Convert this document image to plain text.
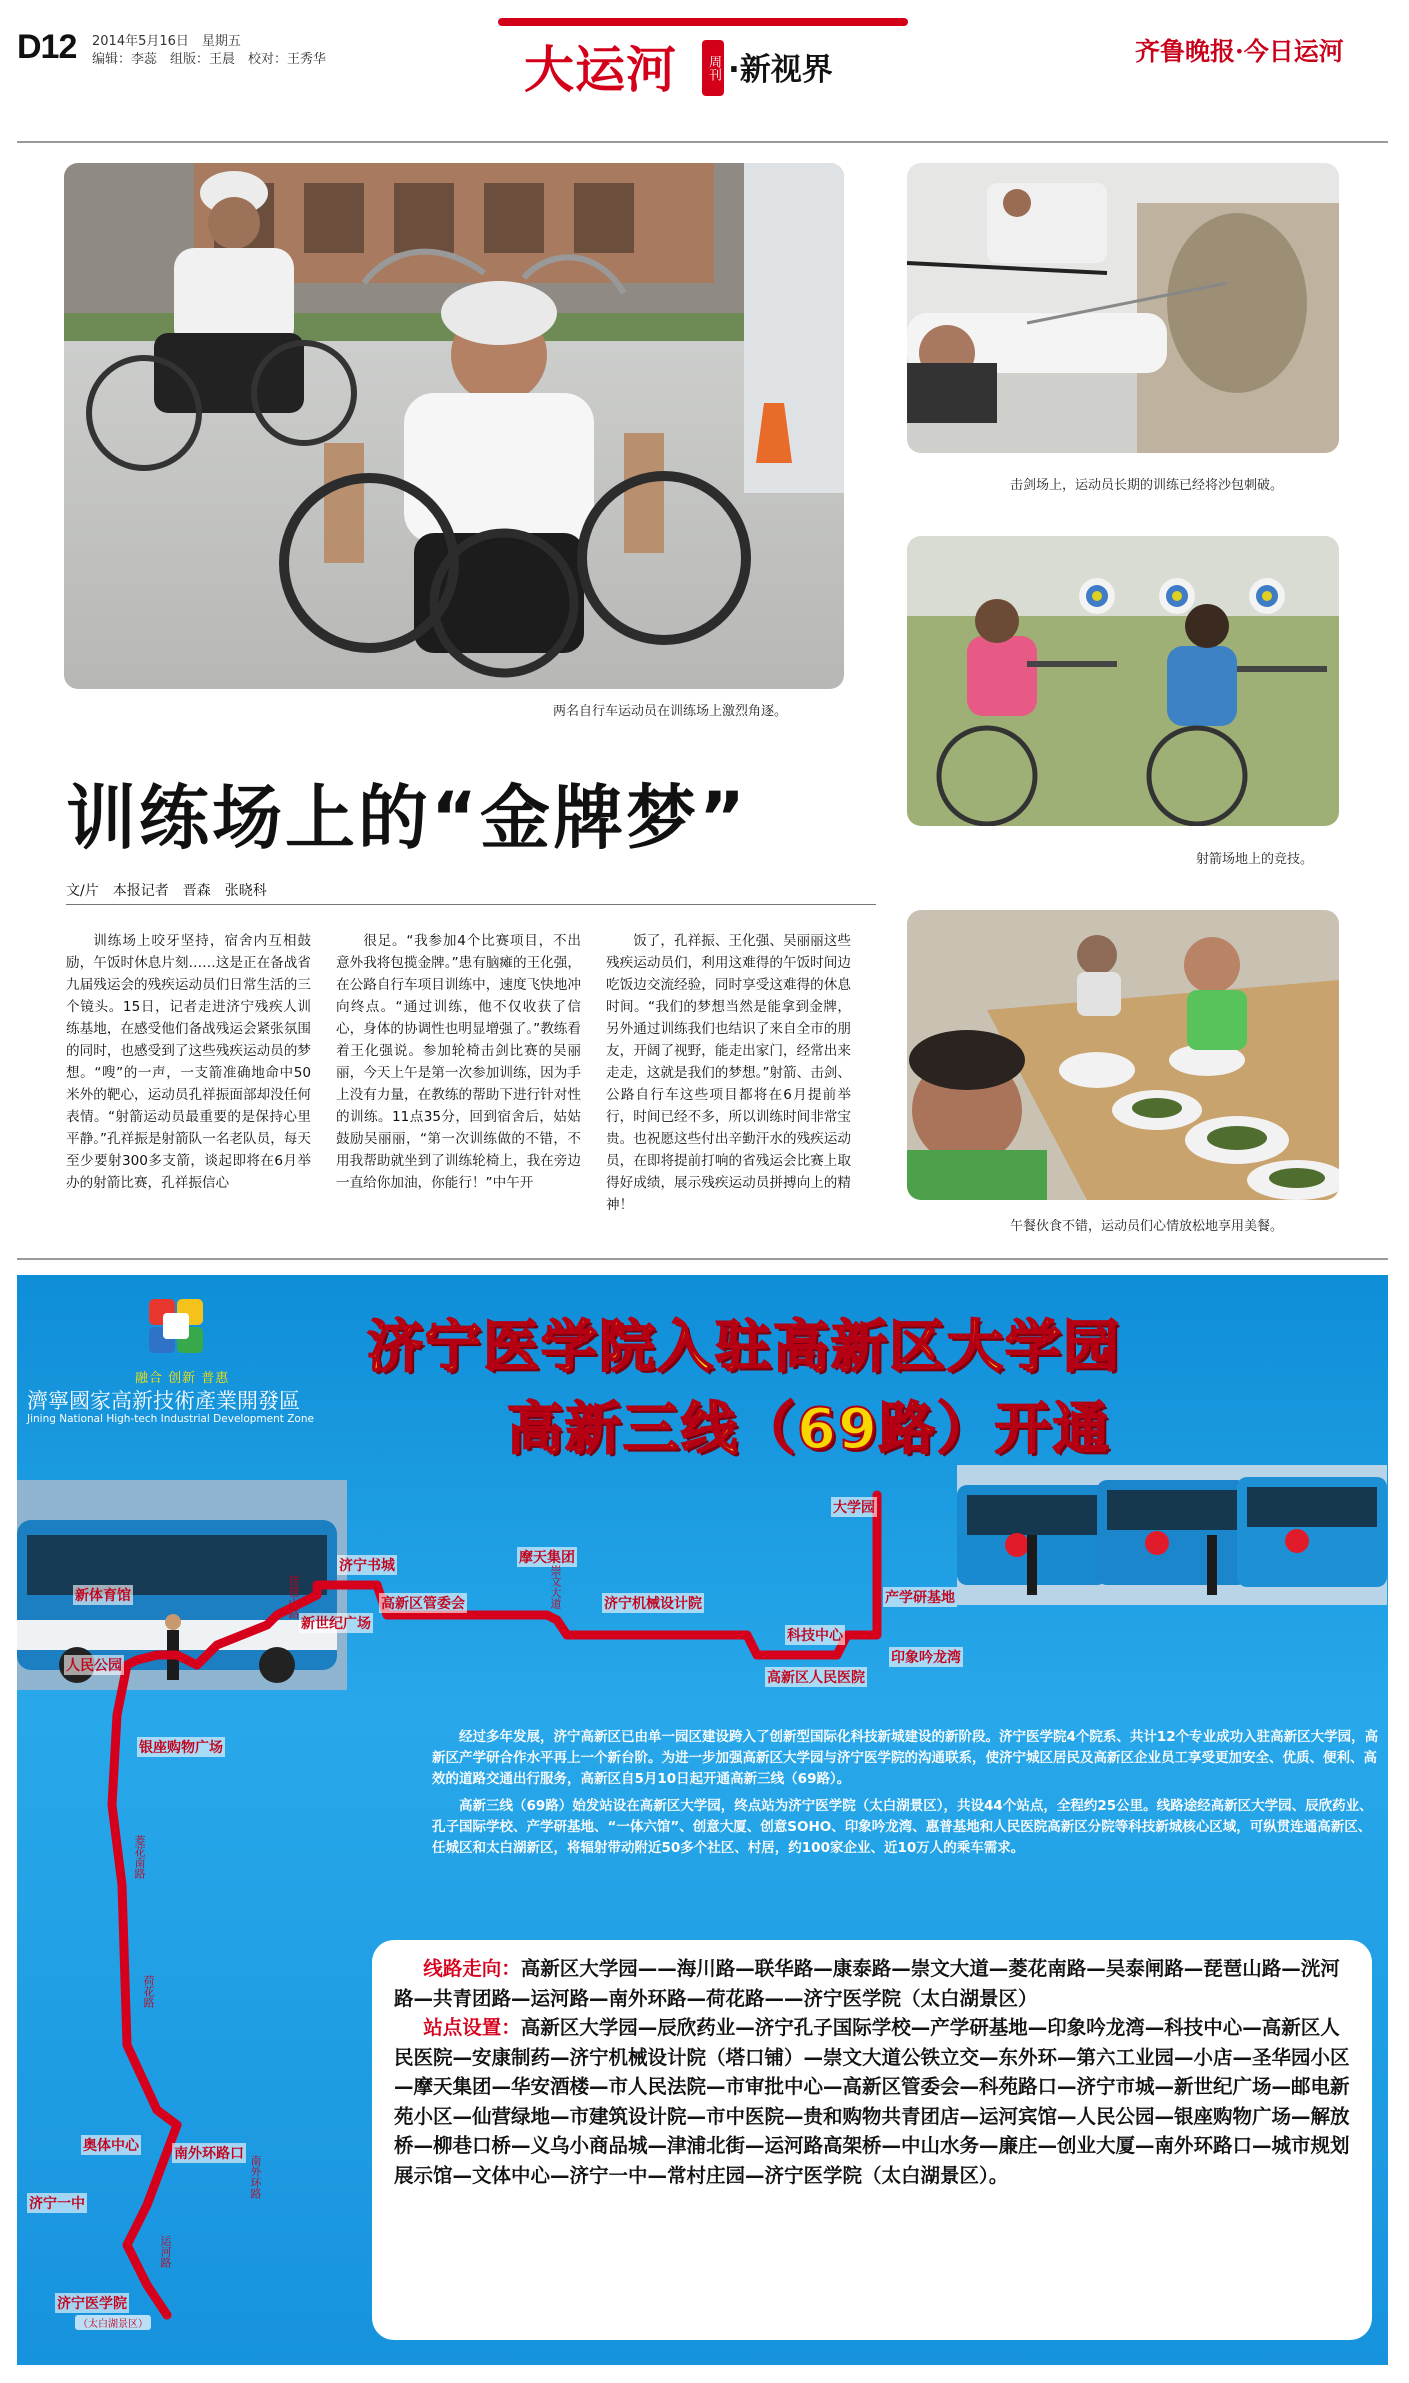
D12 2014年5月16日　星期五
编辑：李蕊　组版：王晨　校对：王秀华	大运河	周刊 ·新视界
齐鲁晚报·今日运河
两名自行车运动员在训练场上激烈角逐。
击剑场上，运动员长期的训练已经将沙包刺破。
射箭场地上的竞技。
午餐伙食不错，运动员们心情放松地享用美餐。
训练场上的“金牌梦”
文/片　本报记者　晋森　张晓科
训练场上咬牙坚持，宿舍内互相鼓励，午饭时休息片刻……这是正在备战省九届残运会的残疾运动员们日常生活的三个镜头。15日，记者走进济宁残疾人训练基地，在感受他们备战残运会紧张氛围的同时，也感受到了这些残疾运动员的梦想。“嗖”的一声，一支箭准确地命中50米外的靶心，运动员孔祥振面部却没任何表情。“射箭运动员最重要的是保持心里平静。”孔祥振是射箭队一名老队员，每天至少要射300多支箭，谈起即将在6月举办的射箭比赛，孔祥振信心
很足。“我参加4个比赛项目，不出意外我将包揽金牌。”患有脑瘫的王化强，在公路自行车项目训练中，速度飞快地冲向终点。“通过训练，他不仅收获了信心，身体的协调性也明显增强了。”教练看着王化强说。参加轮椅击剑比赛的吴丽丽，今天上午是第一次参加训练，因为手上没有力量，在教练的帮助下进行针对性的训练。11点35分，回到宿舍后，姑姑鼓励吴丽丽，“第一次训练做的不错，不用我帮助就坐到了训练轮椅上，我在旁边一直给你加油，你能行！”中午开
饭了，孔祥振、王化强、吴丽丽这些残疾运动员们，利用这难得的午饭时间边吃饭边交流经验，同时享受这难得的休息时间。“我们的梦想当然是能拿到金牌，另外通过训练我们也结识了来自全市的朋友，开阔了视野，能走出家门，经常出来走走，这就是我们的梦想。”射箭、击剑、公路自行车这些项目都将在6月提前举行，时间已经不多，所以训练时间非常宝贵。也祝愿这些付出辛勤汗水的残疾运动员，在即将提前打响的省残运会比赛上取得好成绩，展示残疾运动员拼搏向上的精神！
融合 创新 普惠
濟寧國家高新技術產業開發區
Jining National High-tech Industrial Development Zone
济宁医学院入驻高新区大学园
高新三线（69路）开通
大学园
产学研基地
印象吟龙湾
科技中心
高新区人民医院
济宁机械设计院
摩天集团
高新区管委会
济宁书城
新世纪广场
新体育馆
人民公园
银座购物广场
奥体中心	南外环路口
济宁一中
济宁医学院
（太白湖景区）
琵琶山路	崇文大道
菱花南路
荷花路
运河路
南外环路

经过多年发展，济宁高新区已由单一园区建设跨入了创新型国际化科技新城建设的新阶段。济宁医学院4个院系、共计12个专业成功入驻高新区大学园，高新区产学研合作水平再上一个新台阶。为进一步加强高新区大学园与济宁医学院的沟通联系，使济宁城区居民及高新区企业员工享受更加安全、优质、便利、高效的道路交通出行服务，高新区自5月10日起开通高新三线（69路）。

高新三线（69路）始发站设在高新区大学园，终点站为济宁医学院（太白湖景区），共设44个站点，全程约25公里。线路途经高新区大学园、辰欣药业、孔子国际学校、产学研基地、“一体六馆”、创意大厦、创意SOHO、印象吟龙湾、惠普基地和人民医院高新区分院等科技新城核心区域，可纵贯连通高新区、任城区和太白湖新区，将辐射带动附近50多个社区、村居，约100家企业、近10万人的乘车需求。

线路走向：高新区大学园——海川路—联华路—康泰路—崇文大道—菱花南路—吴泰闸路—琵琶山路—洸河路—共青团路—运河路—南外环路—荷花路——济宁医学院（太白湖景区）
站点设置：高新区大学园—辰欣药业—济宁孔子国际学校—产学研基地—印象吟龙湾—科技中心—高新区人民医院—安康制药—济宁机械设计院（塔口铺）—崇文大道公铁立交—东外环—第六工业园—小店—圣华园小区—摩天集团—华安酒楼—市人民法院—市审批中心—高新区管委会—科苑路口—济宁市城—新世纪广场—邮电新苑小区—仙营绿地—市建筑设计院—市中医院—贵和购物共青团店—运河宾馆—人民公园—银座购物广场—解放桥—柳巷口桥—义乌小商品城—津浦北街—运河路高架桥—中山水务—廉庄—创业大厦—南外环路口—城市规划展示馆—文体中心—济宁一中—常村庄园—济宁医学院（太白湖景区）。
